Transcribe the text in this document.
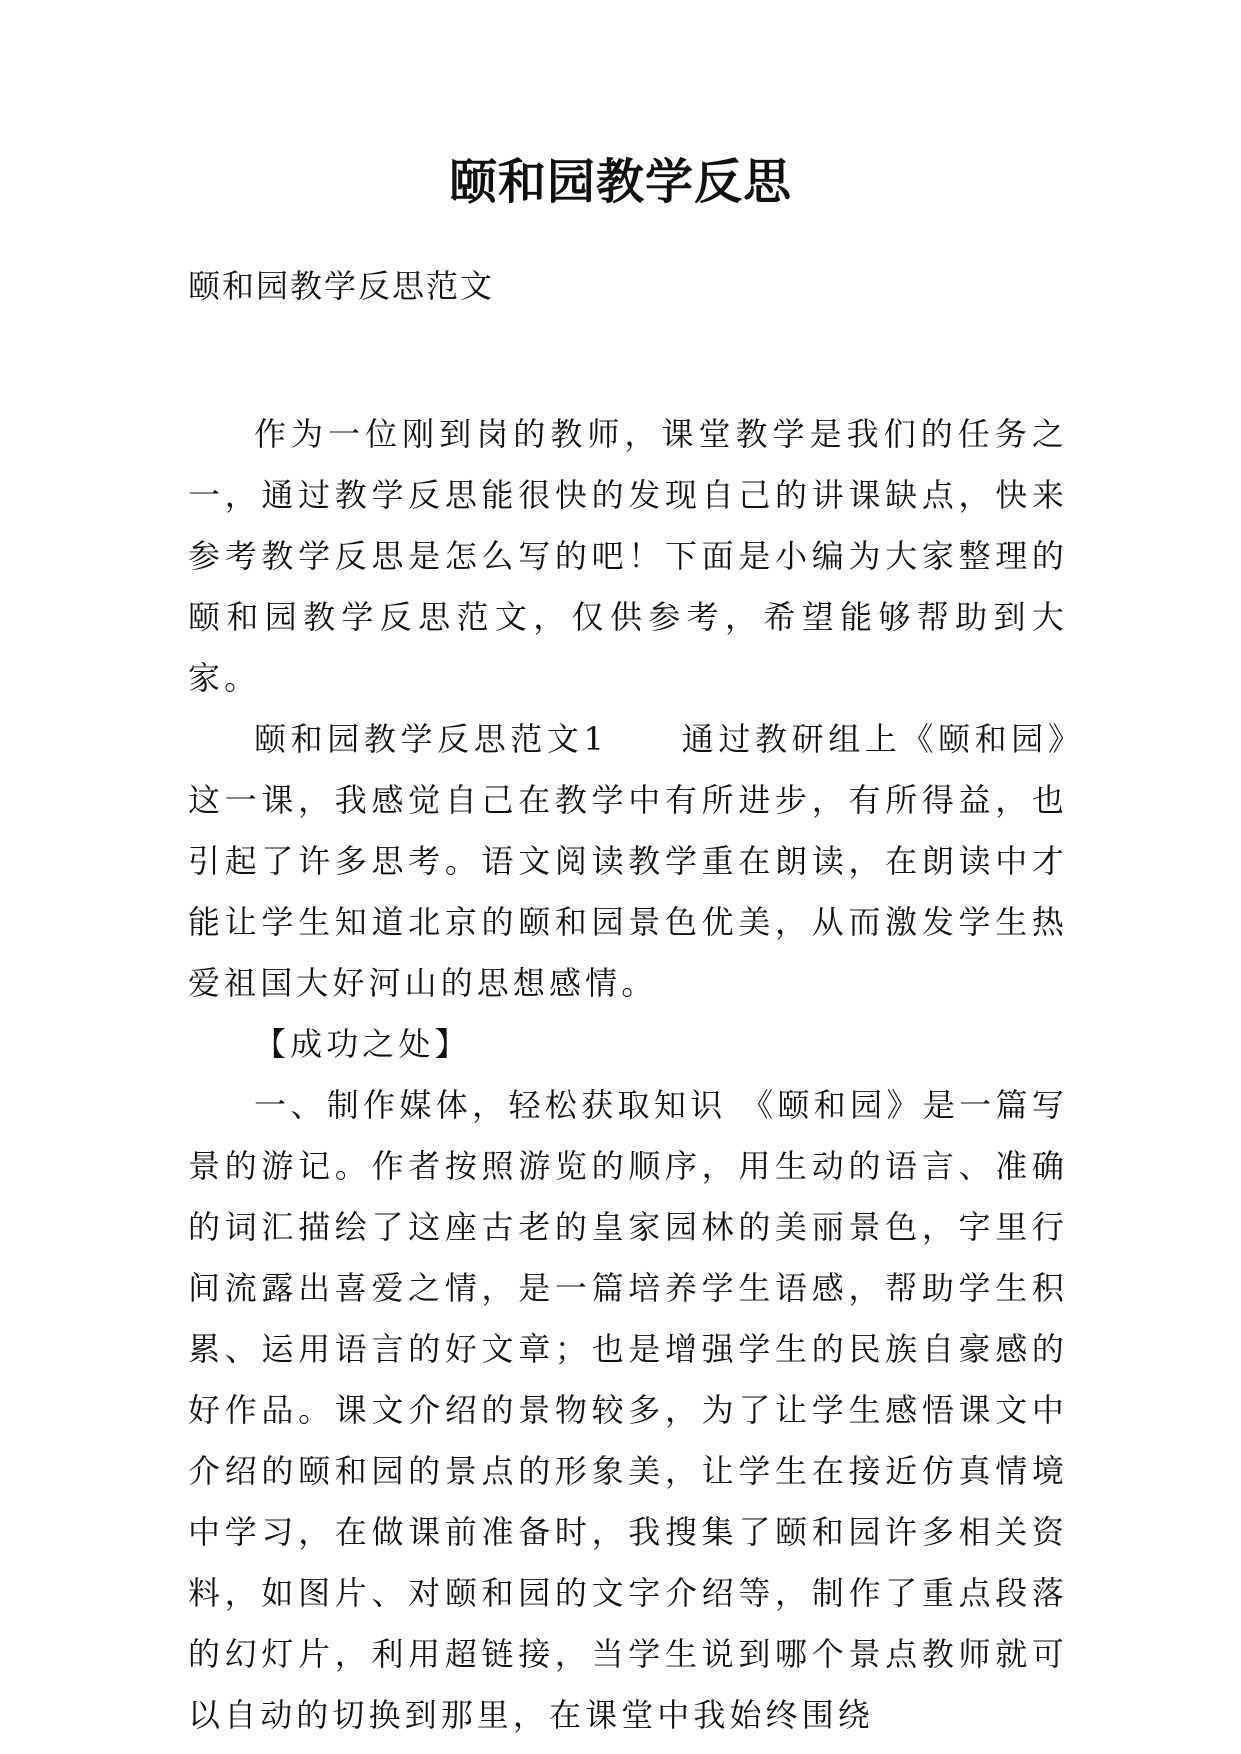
颐和园教学反思

颐和园教学反思范文

作为一位刚到岗的教师，课堂教学是我们的任务之一，通过教学反思能很快的发现自己的讲课缺点，快来参考教学反思是怎么写的吧！下面是小编为大家整理的颐和园教学反思范文，仅供参考，希望能够帮助到大家。

颐和园教学反思范文1　　通过教研组上《颐和园》这一课，我感觉自己在教学中有所进步，有所得益，也引起了许多思考。语文阅读教学重在朗读，在朗读中才能让学生知道北京的颐和园景色优美，从而激发学生热爱祖国大好河山的思想感情。

【成功之处】

一、制作媒体，轻松获取知识 《颐和园》是一篇写景的游记。作者按照游览的顺序，用生动的语言、准确的词汇描绘了这座古老的皇家园林的美丽景色，字里行间流露出喜爱之情，是一篇培养学生语感，帮助学生积累、运用语言的好文章；也是增强学生的民族自豪感的好作品。课文介绍的景物较多，为了让学生感悟课文中介绍的颐和园的景点的形象美，让学生在接近仿真情境中学习，在做课前准备时，我搜集了颐和园许多相关资料，如图片、对颐和园的文字介绍等，制作了重点段落的幻灯片，利用超链接，当学生说到哪个景点教师就可以自动的切换到那里，在课堂中我始终围绕
